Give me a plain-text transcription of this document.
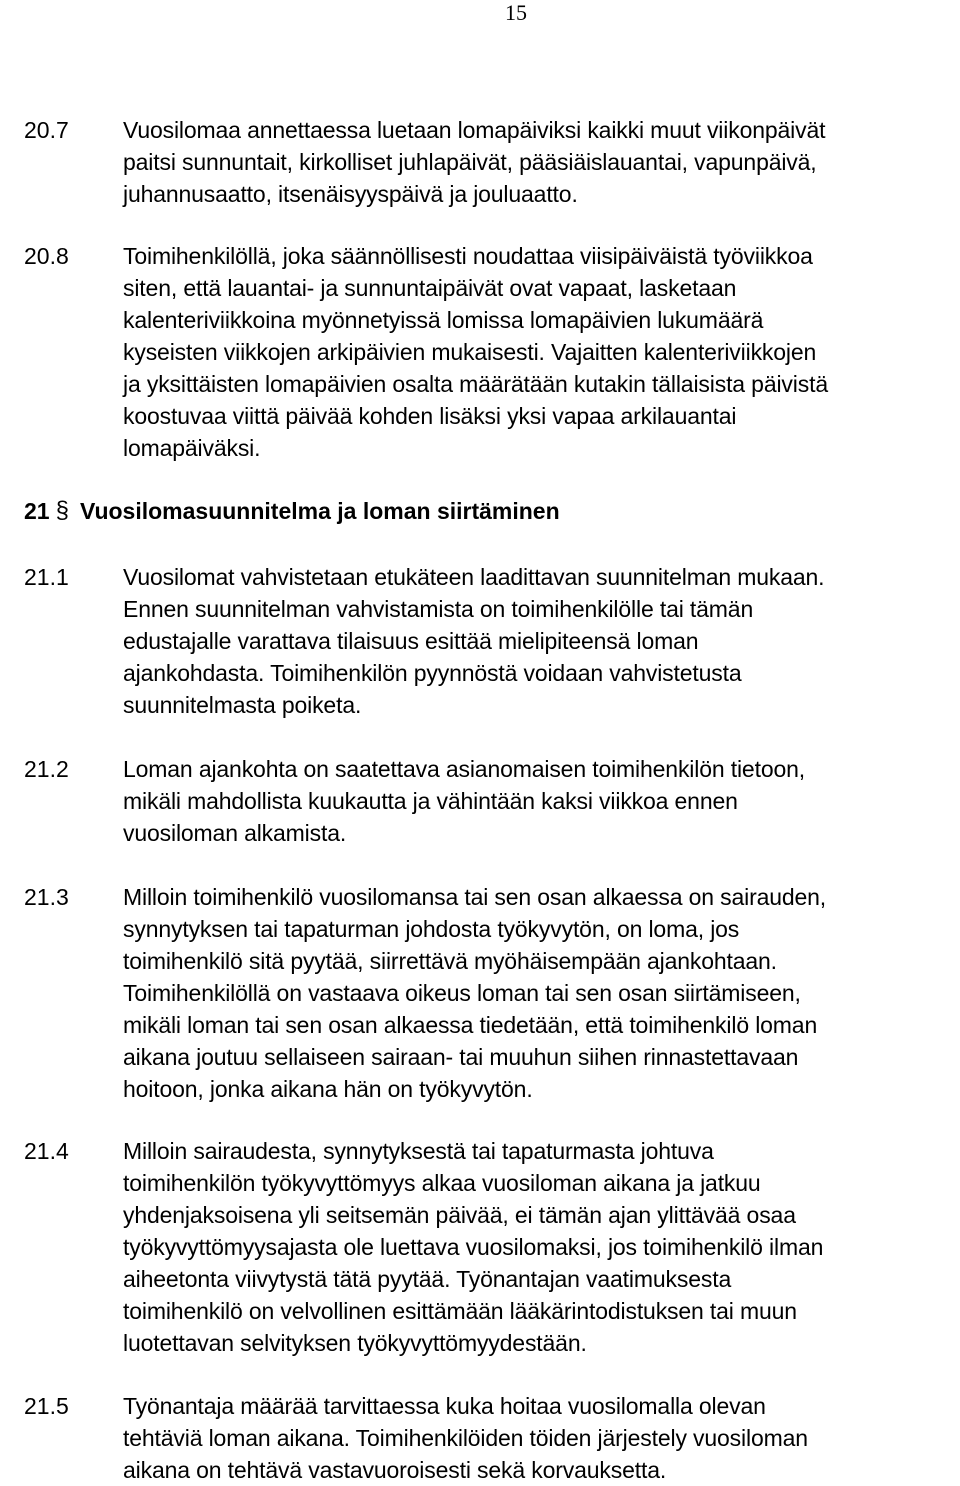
15
20.7 Vuosilomaa annettaessa luetaan lomapäiviksi kaikki muut viikonpäivät
paitsi sunnuntait, kirkolliset juhlapäivät, pääsiäislauantai, vapunpäivä,
juhannusaatto, itsenäisyyspäivä ja jouluaatto.
20.8 Toimihenkilöllä, joka säännöllisesti noudattaa viisipäiväistä työviikkoa
siten, että lauantai- ja sunnuntaipäivät ovat vapaat, lasketaan
kalenteriviikkoina myönnetyissä lomissa lomapäivien lukumäärä
kyseisten viikkojen arkipäivien mukaisesti. Vajaitten kalenteriviikkojen
ja yksittäisten lomapäivien osalta määrätään kutakin tällaisista päivistä
koostuvaa viittä päivää kohden lisäksi yksi vapaa arkilauantai
lomapäiväksi.
21 § Vuosilomasuunnitelma ja loman siirtäminen
21.1 Vuosilomat vahvistetaan etukäteen laadittavan suunnitelman mukaan.
Ennen suunnitelman vahvistamista on toimihenkilölle tai tämän
edustajalle varattava tilaisuus esittää mielipiteensä loman
ajankohdasta. Toimihenkilön pyynnöstä voidaan vahvistetusta
suunnitelmasta poiketa.
21.2 Loman ajankohta on saatettava asianomaisen toimihenkilön tietoon,
mikäli mahdollista kuukautta ja vähintään kaksi viikkoa ennen
vuosiloman alkamista.
21.3 Milloin toimihenkilö vuosilomansa tai sen osan alkaessa on sairauden,
synnytyksen tai tapaturman johdosta työkyvytön, on loma, jos
toimihenkilö sitä pyytää, siirrettävä myöhäisempään ajankohtaan.
Toimihenkilöllä on vastaava oikeus loman tai sen osan siirtämiseen,
mikäli loman tai sen osan alkaessa tiedetään, että toimihenkilö loman
aikana joutuu sellaiseen sairaan- tai muuhun siihen rinnastettavaan
hoitoon, jonka aikana hän on työkyvytön.
21.4 Milloin sairaudesta, synnytyksestä tai tapaturmasta johtuva
toimihenkilön työkyvyttömyys alkaa vuosiloman aikana ja jatkuu
yhdenjaksoisena yli seitsemän päivää, ei tämän ajan ylittävää osaa
työkyvyttömyysajasta ole luettava vuosilomaksi, jos toimihenkilö ilman
aiheetonta viivytystä tätä pyytää. Työnantajan vaatimuksesta
toimihenkilö on velvollinen esittämään lääkärintodistuksen tai muun
luotettavan selvityksen työkyvyttömyydestään.
21.5 Työnantaja määrää tarvittaessa kuka hoitaa vuosilomalla olevan
tehtäviä loman aikana. Toimihenkilöiden töiden järjestely vuosiloman
aikana on tehtävä vastavuoroisesti sekä korvauksetta.
